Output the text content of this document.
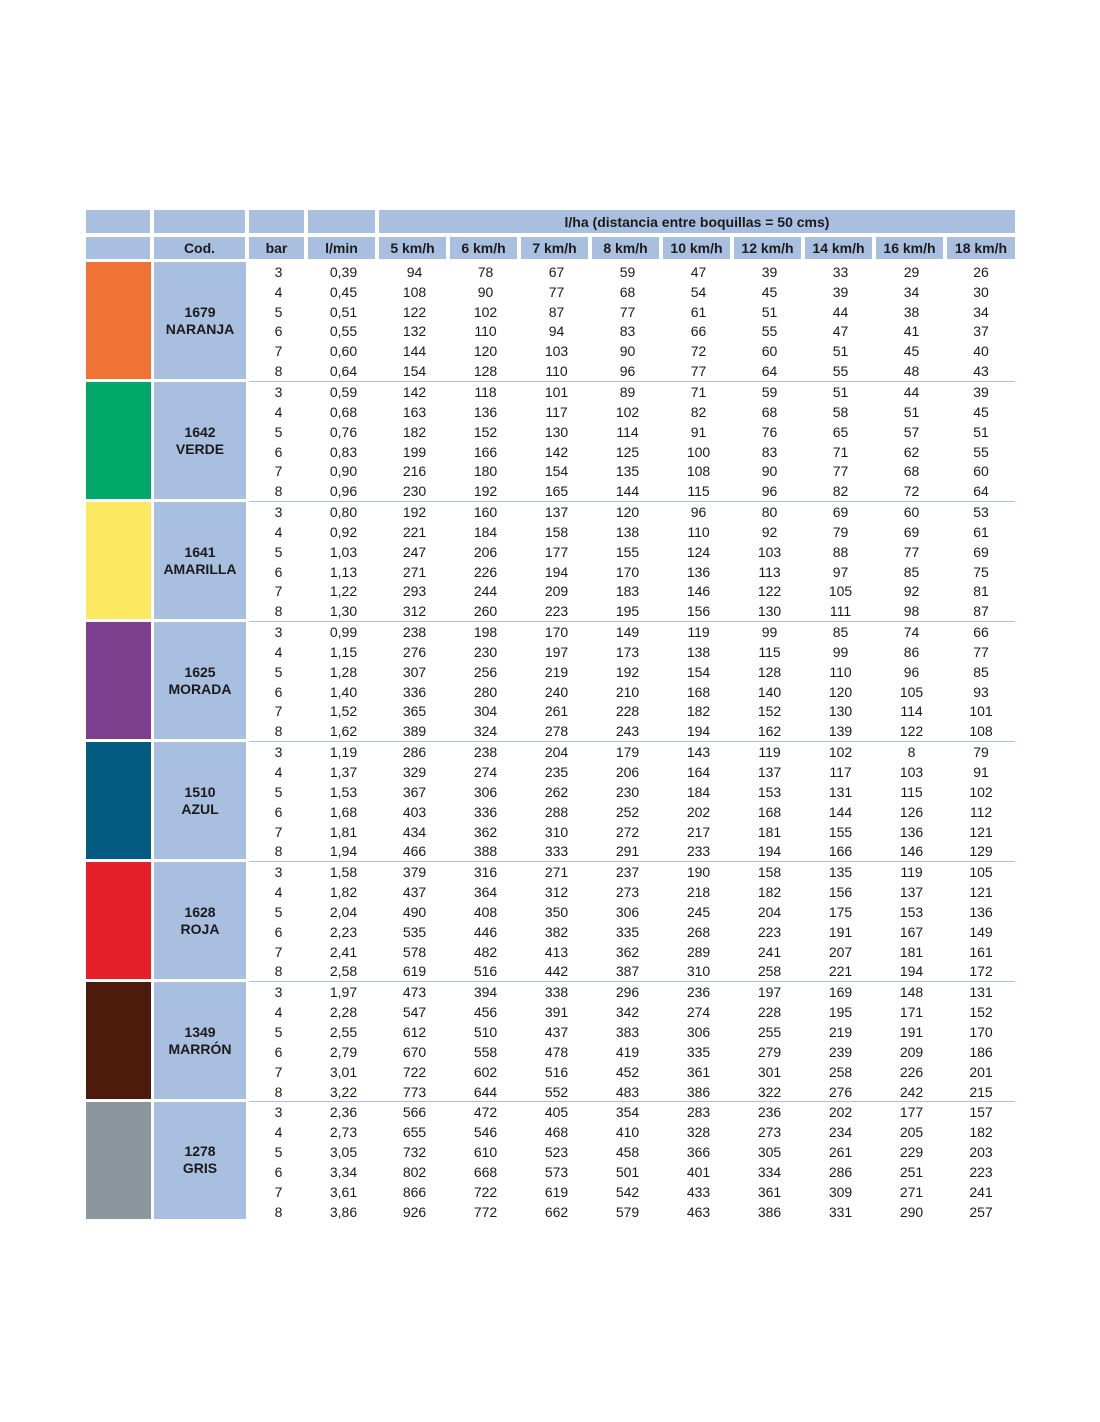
				l/ha (distancia entre boquillas = 50 cms)								
	Cod.	bar	l/min	5 km/h	6 km/h	7 km/h	8 km/h	10 km/h	12 km/h	14 km/h	16 km/h	18 km/h

	1679
NARANJA	3	0,39	94	78	67	59	47	39	33	29	26
		4	0,45	108	90	77	68	54	45	39	34	30
		5	0,51	122	102	87	77	61	51	44	38	34
		6	0,55	132	110	94	83	66	55	47	41	37
		7	0,60	144	120	103	90	72	60	51	45	40
		8	0,64	154	128	110	96	77	64	55	48	43

	1642
VERDE	3	0,59	142	118	101	89	71	59	51	44	39
		4	0,68	163	136	117	102	82	68	58	51	45
		5	0,76	182	152	130	114	91	76	65	57	51
		6	0,83	199	166	142	125	100	83	71	62	55
		7	0,90	216	180	154	135	108	90	77	68	60
		8	0,96	230	192	165	144	115	96	82	72	64

	1641
AMARILLA	3	0,80	192	160	137	120	96	80	69	60	53
		4	0,92	221	184	158	138	110	92	79	69	61
		5	1,03	247	206	177	155	124	103	88	77	69
		6	1,13	271	226	194	170	136	113	97	85	75
		7	1,22	293	244	209	183	146	122	105	92	81
		8	1,30	312	260	223	195	156	130	111	98	87

	1625
MORADA	3	0,99	238	198	170	149	119	99	85	74	66
		4	1,15	276	230	197	173	138	115	99	86	77
		5	1,28	307	256	219	192	154	128	110	96	85
		6	1,40	336	280	240	210	168	140	120	105	93
		7	1,52	365	304	261	228	182	152	130	114	101
		8	1,62	389	324	278	243	194	162	139	122	108

	1510
AZUL	3	1,19	286	238	204	179	143	119	102	8	79
		4	1,37	329	274	235	206	164	137	117	103	91
		5	1,53	367	306	262	230	184	153	131	115	102
		6	1,68	403	336	288	252	202	168	144	126	112
		7	1,81	434	362	310	272	217	181	155	136	121
		8	1,94	466	388	333	291	233	194	166	146	129

	1628
ROJA	3	1,58	379	316	271	237	190	158	135	119	105
		4	1,82	437	364	312	273	218	182	156	137	121
		5	2,04	490	408	350	306	245	204	175	153	136
		6	2,23	535	446	382	335	268	223	191	167	149
		7	2,41	578	482	413	362	289	241	207	181	161
		8	2,58	619	516	442	387	310	258	221	194	172

	1349
MARRÓN	3	1,97	473	394	338	296	236	197	169	148	131
		4	2,28	547	456	391	342	274	228	195	171	152
		5	2,55	612	510	437	383	306	255	219	191	170
		6	2,79	670	558	478	419	335	279	239	209	186
		7	3,01	722	602	516	452	361	301	258	226	201
		8	3,22	773	644	552	483	386	322	276	242	215

	1278
GRIS	3	2,36	566	472	405	354	283	236	202	177	157
		4	2,73	655	546	468	410	328	273	234	205	182
		5	3,05	732	610	523	458	366	305	261	229	203
		6	3,34	802	668	573	501	401	334	286	251	223
		7	3,61	866	722	619	542	433	361	309	271	241
		8	3,86	926	772	662	579	463	386	331	290	257
